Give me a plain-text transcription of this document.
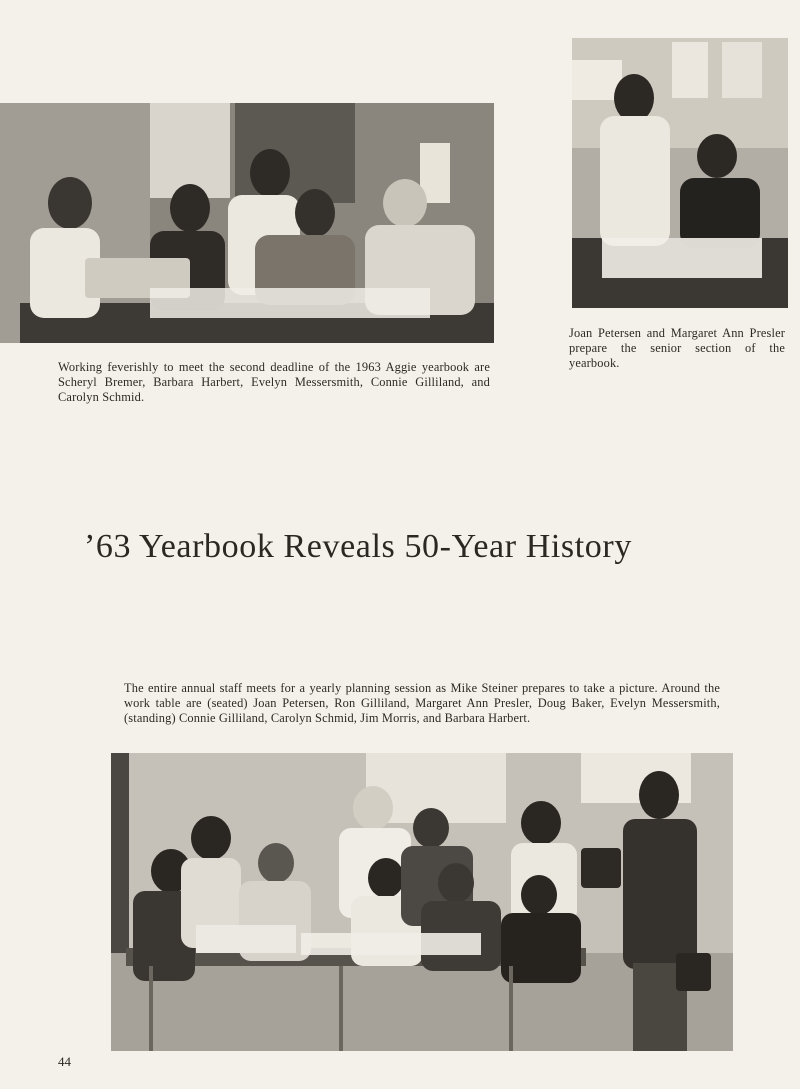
Working feverishly to meet the second deadline of the 1963 Aggie yearbook are Scheryl Bremer, Barbara Harbert, Evelyn Messersmith, Connie Gilliland, and Carolyn Schmid.
Joan Petersen and Margaret Ann Presler prepare the senior section of the yearbook.
’63 Yearbook Reveals 50-Year History
The entire annual staff meets for a yearly planning session as Mike Steiner prepares to take a picture. Around the work table are (seated) Joan Petersen, Ron Gilliland, Margaret Ann Presler, Doug Baker, Evelyn Messersmith, (standing) Connie Gilliland, Carolyn Schmid, Jim Morris, and Barbara Harbert.
44
